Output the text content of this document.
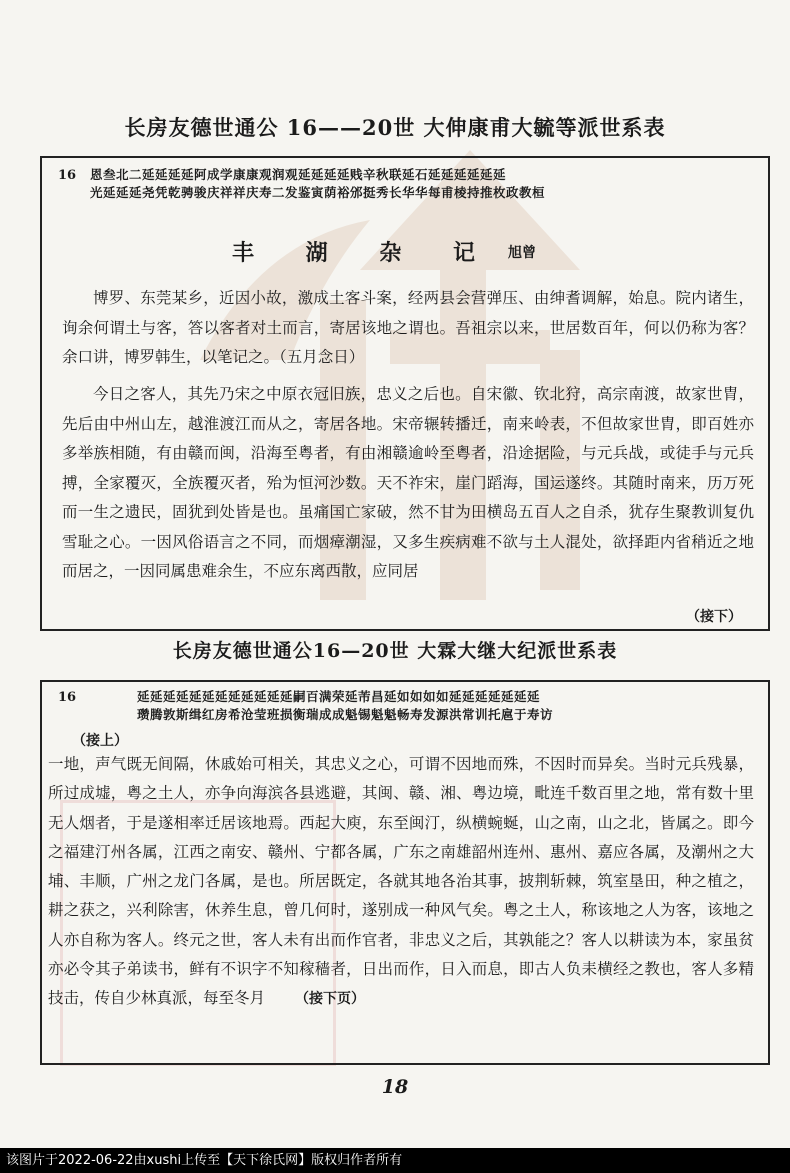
长房友德世通公 16——20世 大伸康甫大毓等派世系表
16 恩叁北二延延延延阿成学康康观润观延延延延贱辛秋联延石延延延延延延
光延延延尧凭乾骋骏庆祥祥庆寿二发鉴寅荫裕邠挺秀长华华每甫棱持推枚政教桓
丰 湖 杂 记 旭曾
博罗、东莞某乡，近因小故，激成土客斗案，经两县会营弹压、由绅耆调解，始息。院内诸生，询余何谓土与客，答以客者对土而言，寄居该地之谓也。吾祖宗以来，世居数百年，何以仍称为客？余口讲，博罗韩生，以笔记之。（五月念日）
今日之客人，其先乃宋之中原衣冠旧族，忠义之后也。自宋徽、钦北狩，高宗南渡，故家世胄，先后由中州山左，越淮渡江而从之，寄居各地。宋帝辗转播迁，南来岭表，不但故家世胄，即百姓亦多举族相随，有由赣而闽，沿海至粤者，有由湘赣逾岭至粤者，沿途据险，与元兵战，或徒手与元兵搏，全家覆灭，全族覆灭者，殆为恒河沙数。天不祚宋，崖门蹈海，国运遂终。其随时南来，历万死而一生之遗民，固犹到处皆是也。虽痛国亡家破，然不甘为田横岛五百人之自杀，犹存生聚教训复仇雪耻之心。一因风俗语言之不同，而烟瘴潮湿，又多生疾病难不欲与土人混处，欲择距内省稍近之地而居之，一因同属患难余生，不应东离西散，应同居
（接下）
长房友德世通公16—20世 大霖大继大纪派世系表
16	延延延延延延延延延延延延嗣百满荣延芾昌延如如如如延延延延延延延
瓒腾敦斯缉红房希沧莹班损衡瑞成成魁锡魁魁畅寿发源洪常训托扈于寿访
（接上）
一地，声气既无间隔，休戚始可相关，其忠义之心，可谓不因地而殊，不因时而异矣。当时元兵残暴，所过成墟，粤之土人，亦争向海滨各县逃避，其闽、赣、湘、粤边境，毗连千数百里之地，常有数十里无人烟者，于是遂相率迁居该地焉。西起大庾，东至闽汀，纵横蜿蜒，山之南，山之北，皆属之。即今之福建汀州各属，江西之南安、赣州、宁都各属，广东之南雄韶州连州、惠州、嘉应各属，及潮州之大埔、丰顺，广州之龙门各属，是也。所居既定，各就其地各治其事，披荆斩棘，筑室垦田，种之植之，耕之获之，兴利除害，休养生息，曾几何时，遂别成一种风气矣。粤之土人，称该地之人为客，该地之人亦自称为客人。终元之世，客人未有出而作官者，非忠义之后，其孰能之？客人以耕读为本，家虽贫亦必令其子弟读书，鲜有不识字不知稼穑者，日出而作，日入而息，即古人负耒横经之教也，客人多精技击，传自少林真派，每至冬月 （接下页）
18
该图片于2022-06-22由xushi上传至【天下徐氏网】版权归作者所有
